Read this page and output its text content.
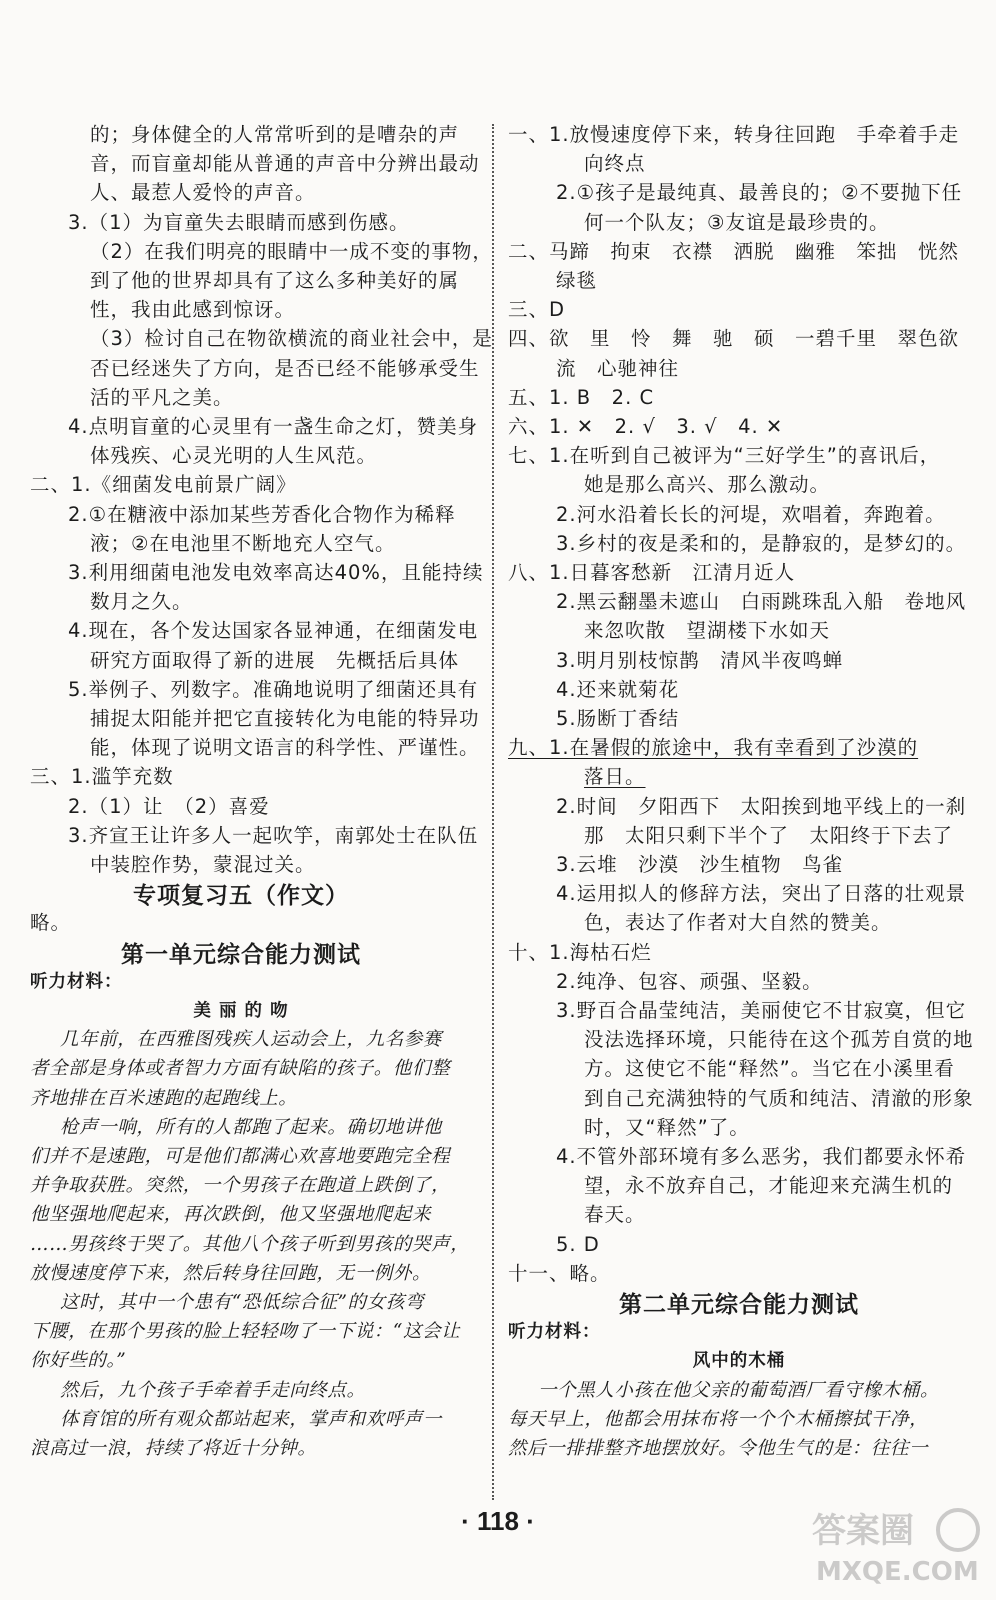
的；身体健全的人常常听到的是嘈杂的声
音，而盲童却能从普通的声音中分辨出最动
人、最惹人爱怜的声音。
3.（1）为盲童失去眼睛而感到伤感。
（2）在我们明亮的眼睛中一成不变的事物，
到了他的世界却具有了这么多种美好的属
性，我由此感到惊讶。
（3）检讨自己在物欲横流的商业社会中，是
否已经迷失了方向，是否已经不能够承受生
活的平凡之美。
4.点明盲童的心灵里有一盏生命之灯，赞美身
体残疾、心灵光明的人生风范。
二、1.《细菌发电前景广阔》
2.①在糖液中添加某些芳香化合物作为稀释
液；②在电池里不断地充人空气。
3.利用细菌电池发电效率高达40%，且能持续
数月之久。
4.现在，各个发达国家各显神通，在细菌发电
研究方面取得了新的进展　先概括后具体
5.举例子、列数字。准确地说明了细菌还具有
捕捉太阳能并把它直接转化为电能的特异功
能，体现了说明文语言的科学性、严谨性。
三、1.滥竽充数
2.（1）让　（2）喜爱
3.齐宣王让许多人一起吹竽，南郭处士在队伍
中装腔作势，蒙混过关。
专项复习五（作文）
略。
第一单元综合能力测试
听力材料：
美 丽 的 吻
几年前，在西雅图残疾人运动会上，九名参赛
者全部是身体或者智力方面有缺陷的孩子。他们整
齐地排在百米速跑的起跑线上。
枪声一响，所有的人都跑了起来。确切地讲他
们并不是速跑，可是他们都满心欢喜地要跑完全程
并争取获胜。突然，一个男孩子在跑道上跌倒了，
他坚强地爬起来，再次跌倒，他又坚强地爬起来
……男孩终于哭了。其他八个孩子听到男孩的哭声，
放慢速度停下来，然后转身往回跑，无一例外。
这时，其中一个患有“恐低综合征”的女孩弯
下腰，在那个男孩的脸上轻轻吻了一下说：“这会让
你好些的。”
然后，九个孩子手牵着手走向终点。
体育馆的所有观众都站起来，掌声和欢呼声一
浪高过一浪，持续了将近十分钟。
一、1.放慢速度停下来，转身往回跑　手牵着手走
向终点
2.①孩子是最纯真、最善良的；②不要抛下任
何一个队友；③友谊是最珍贵的。
二、马蹄　拘束　衣襟　洒脱　幽雅　笨拙　恍然
绿毯
三、D
四、欲　里　怜　舞　驰　硕　一碧千里　翠色欲
流　心驰神往
五、1. B　2. C
六、1. ✕　2. √　3. √　4. ✕
七、1.在听到自己被评为“三好学生”的喜讯后，
她是那么高兴、那么激动。
2.河水沿着长长的河堤，欢唱着，奔跑着。
3.乡村的夜是柔和的，是静寂的，是梦幻的。
八、1.日暮客愁新　江清月近人
2.黑云翻墨未遮山　白雨跳珠乱入船　卷地风
来忽吹散　望湖楼下水如天
3.明月别枝惊鹊　清风半夜鸣蝉
4.还来就菊花
5.肠断丁香结
九、1.在暑假的旅途中，我有幸看到了沙漠的
落日。
2.时间　夕阳西下　太阳挨到地平线上的一刹
那　太阳只剩下半个了　太阳终于下去了
3.云堆　沙漠　沙生植物　鸟雀
4.运用拟人的修辞方法，突出了日落的壮观景
色，表达了作者对大自然的赞美。
十、1.海枯石烂
2.纯净、包容、顽强、坚毅。
3.野百合晶莹纯洁，美丽使它不甘寂寞，但它
没法选择环境，只能待在这个孤芳自赏的地
方。这使它不能“释然”。当它在小溪里看
到自己充满独特的气质和纯洁、清澈的形象
时，又“释然”了。
4.不管外部环境有多么恶劣，我们都要永怀希
望，永不放弃自己，才能迎来充满生机的
春天。
5. D
十一、略。
第二单元综合能力测试
听力材料：
风中的木桶
一个黑人小孩在他父亲的葡萄酒厂看守橡木桶。
每天早上，他都会用抹布将一个个木桶擦拭干净，
然后一排排整齐地摆放好。令他生气的是：往往一
· 118 ·	答案圈
MXQE.COM
